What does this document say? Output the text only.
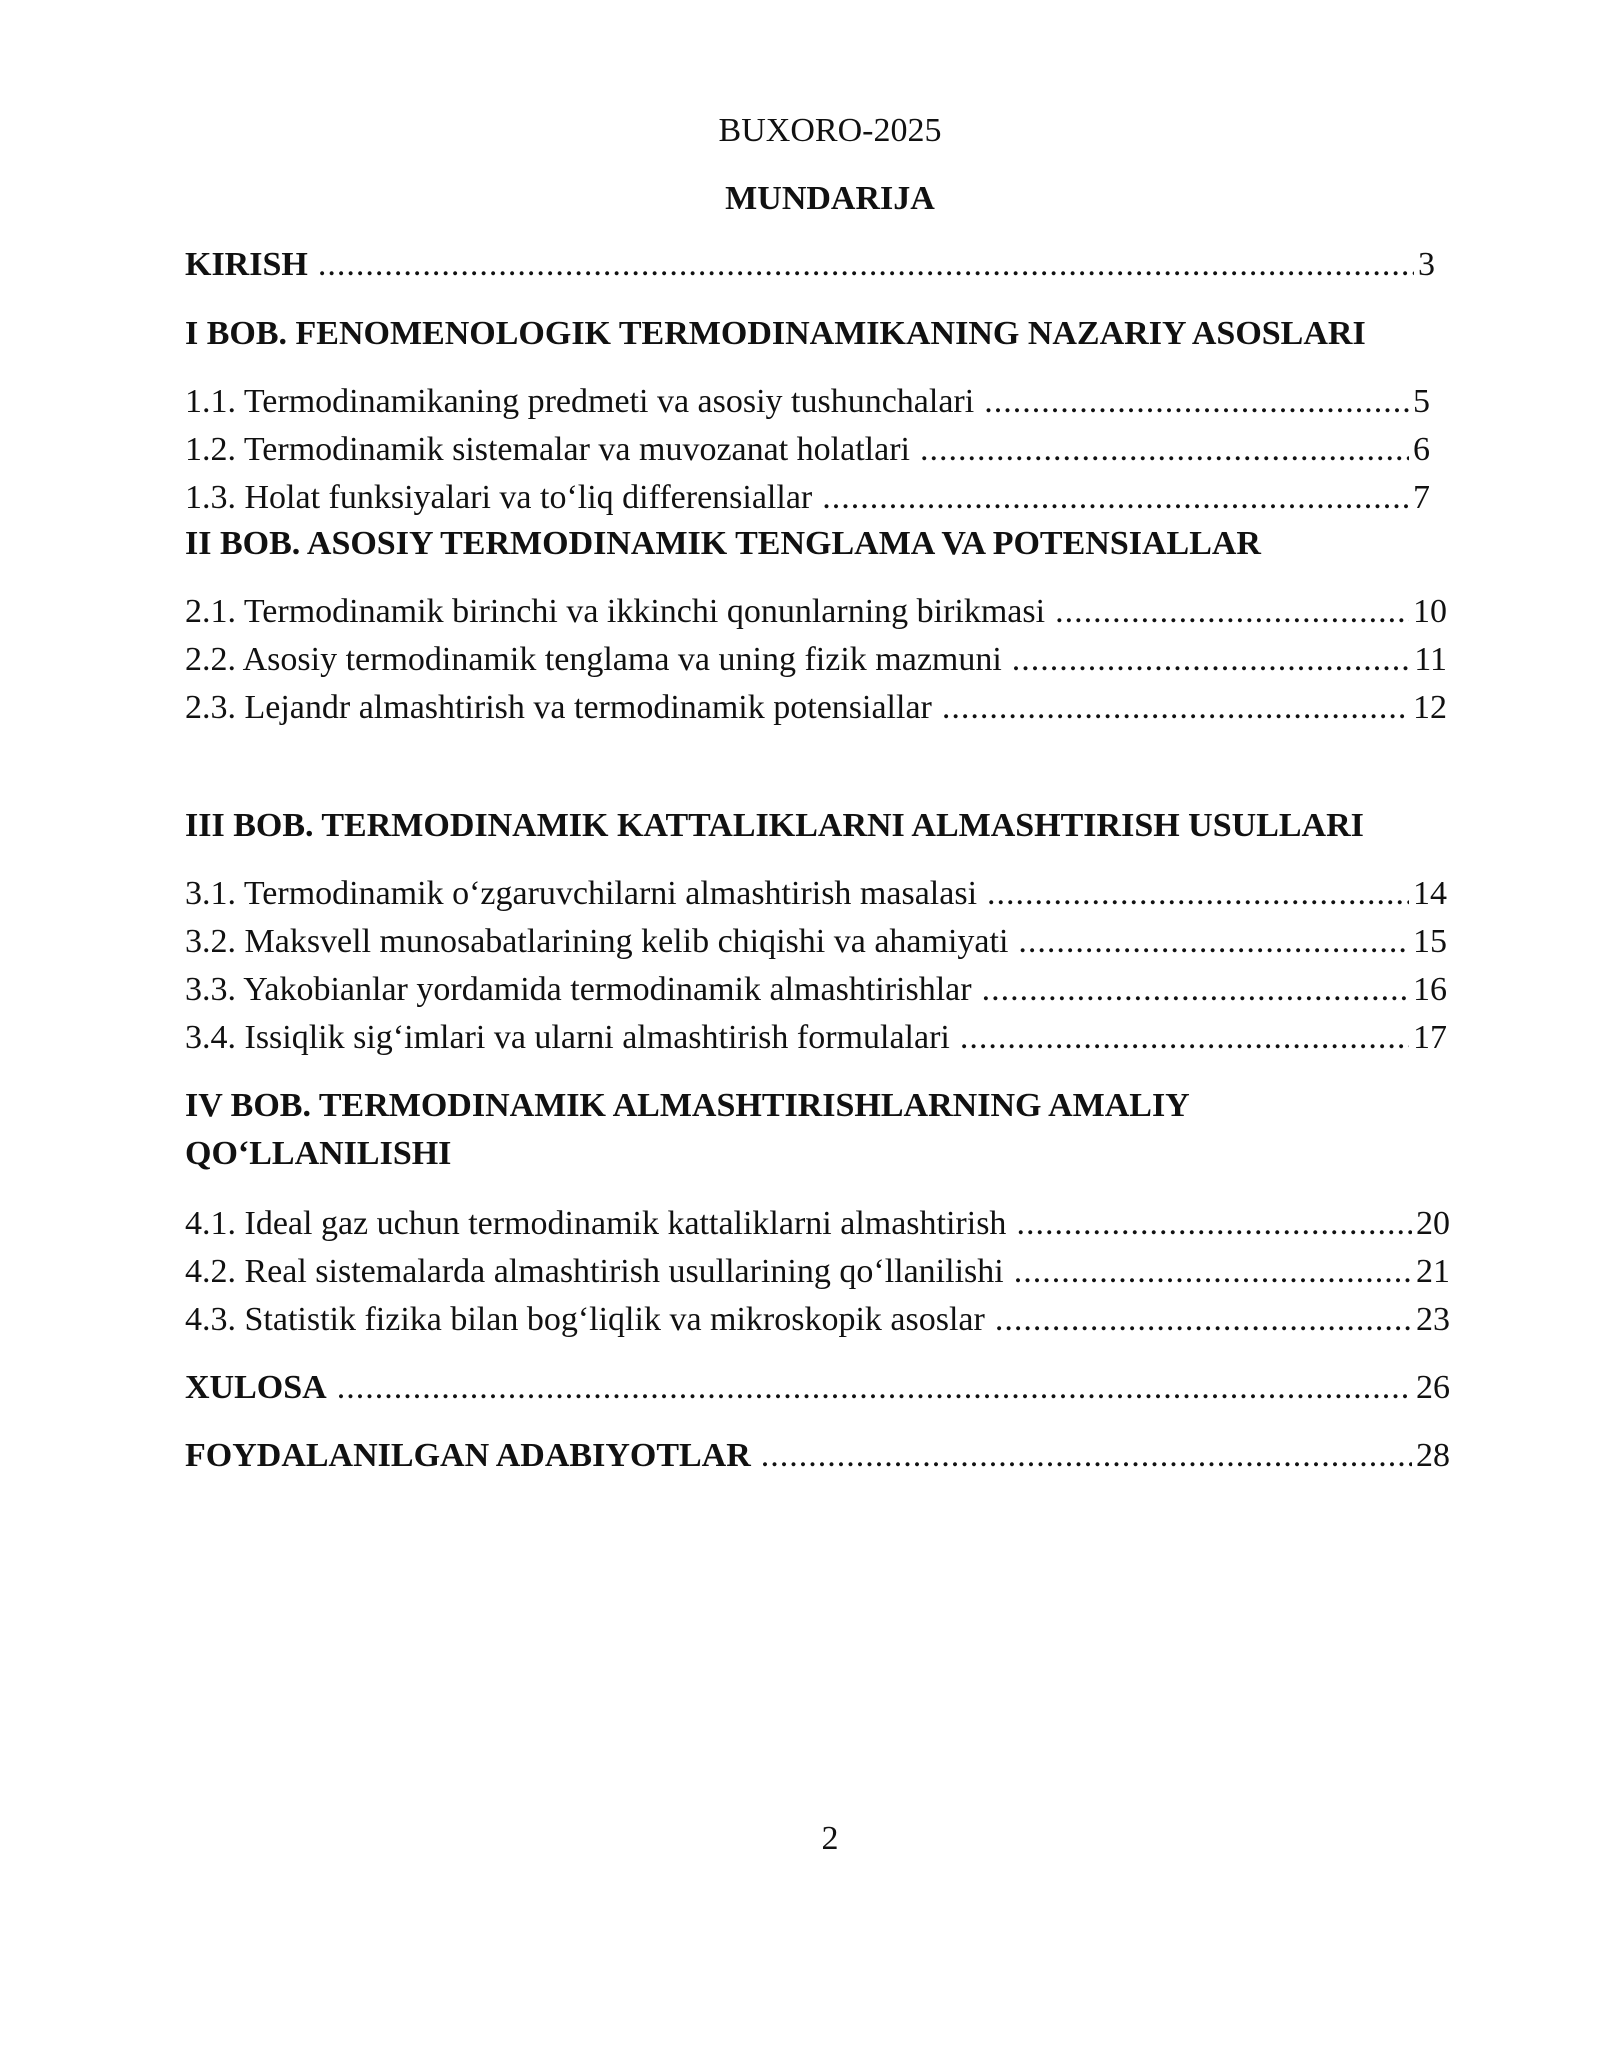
BUXORO-2025
MUNDARIJA
KIRISH .....	3
I BOB. FENOMENOLOGIK TERMODINAMIKANING NAZARIY ASOSLARI
1.1. Termodinamikaning predmeti va asosiy tushunchalari .....	5
1.2. Termodinamik sistemalar va muvozanat holatlari .....	6
1.3. Holat funksiyalari va to‘liq differensiallar .....	7
II BOB. ASOSIY TERMODINAMIK TENGLAMA VA POTENSIALLAR
2.1. Termodinamik birinchi va ikkinchi qonunlarning birikmasi .....	10
2.2. Asosiy termodinamik tenglama va uning fizik mazmuni .....	11
2.3. Lejandr almashtirish va termodinamik potensiallar .....	12
III BOB. TERMODINAMIK KATTALIKLARNI ALMASHTIRISH USULLARI
3.1. Termodinamik o‘zgaruvchilarni almashtirish masalasi .....	14
3.2. Maksvell munosabatlarining kelib chiqishi va ahamiyati .....	15
3.3. Yakobianlar yordamida termodinamik almashtirishlar .....	16
3.4. Issiqlik sig‘imlari va ularni almashtirish formulalari .....	17
IV BOB. TERMODINAMIK ALMASHTIRISHLARNING AMALIY
QO‘LLANILISHI
4.1. Ideal gaz uchun termodinamik kattaliklarni almashtirish .....	20
4.2. Real sistemalarda almashtirish usullarining qo‘llanilishi .....	21
4.3. Statistik fizika bilan bog‘liqlik va mikroskopik asoslar .....	23
XULOSA .....	26
FOYDALANILGAN ADABIYOTLAR .....	28
2
